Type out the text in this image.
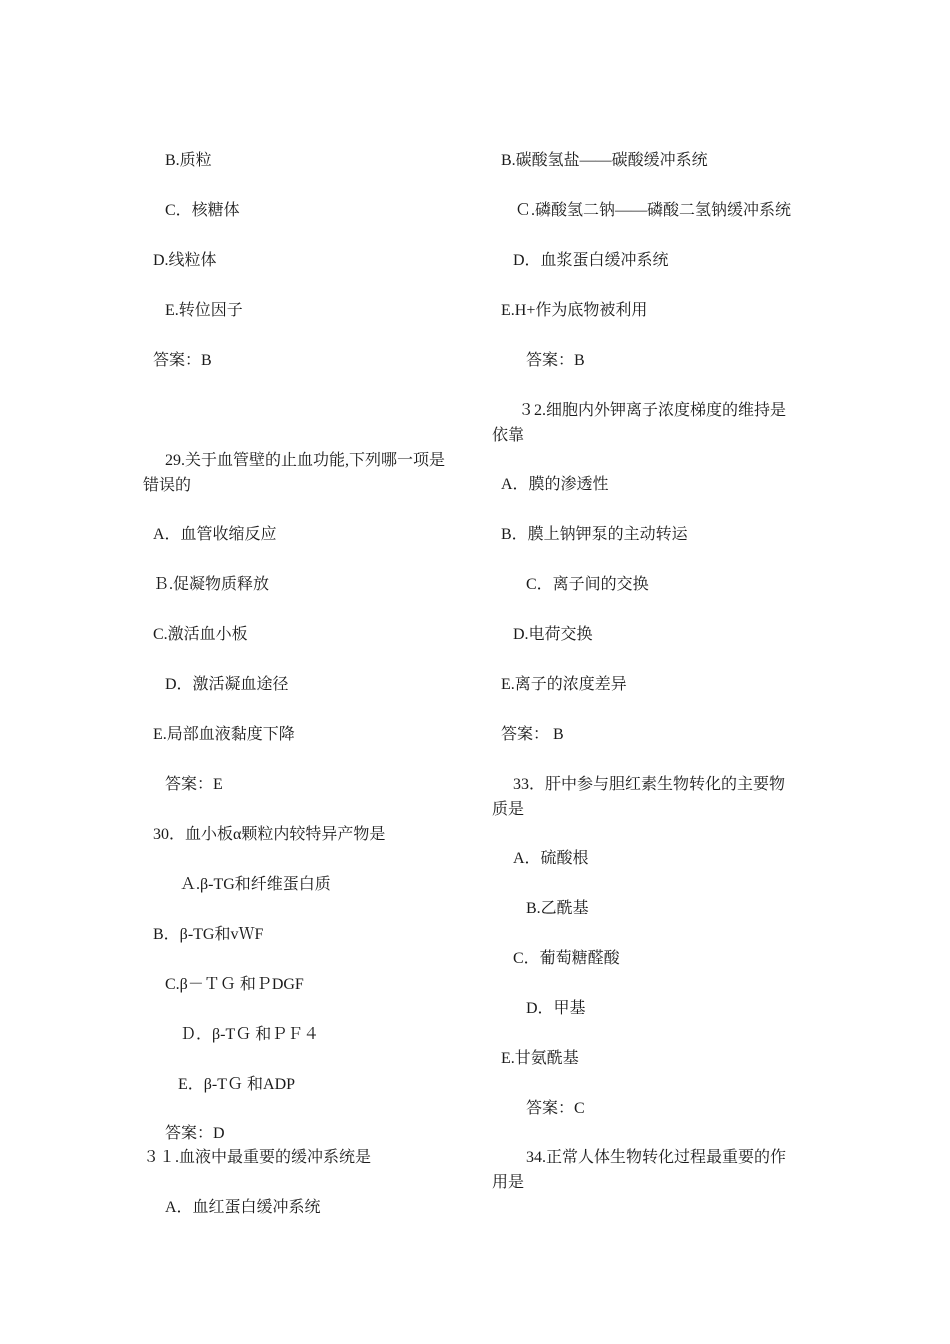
B.质粒
C．核糖体
D.线粒体
E.转位因子
答案：B
29.关于血管壁的止血功能,下列哪一项是
错误的
A．血管收缩反应
Ｂ.促凝物质释放
C.激活血小板
D．激活凝血途径
E.局部血液黏度下降
答案：E
30．血小板α颗粒内较特异产物是
Ａ.β-TG和纤维蛋白质
B．β-TG和vＷF
C.β－ＴＧ 和ＰDGF
Ｄ．β-TＧ 和ＰＦ４
E．β-TＧ 和ADP
答案：D
３１.血液中最重要的缓冲系统是
A．血红蛋白缓冲系统
B.碳酸氢盐——碳酸缓冲系统
Ｃ.磷酸氢二钠——磷酸二氢钠缓冲系统
D．血浆蛋白缓冲系统
E.H+作为底物被利用
答案：B
３2.细胞内外钾离子浓度梯度的维持是
依靠
A．膜的渗透性
B．膜上钠钾泵的主动转运
C．离子间的交换
D.电荷交换
E.离子的浓度差异
答案： B
33．肝中参与胆红素生物转化的主要物
质是
A．硫酸根
B.乙酰基
C．葡萄糖醛酸
D．甲基
E.甘氨酰基
答案：C
34.正常人体生物转化过程最重要的作
用是
